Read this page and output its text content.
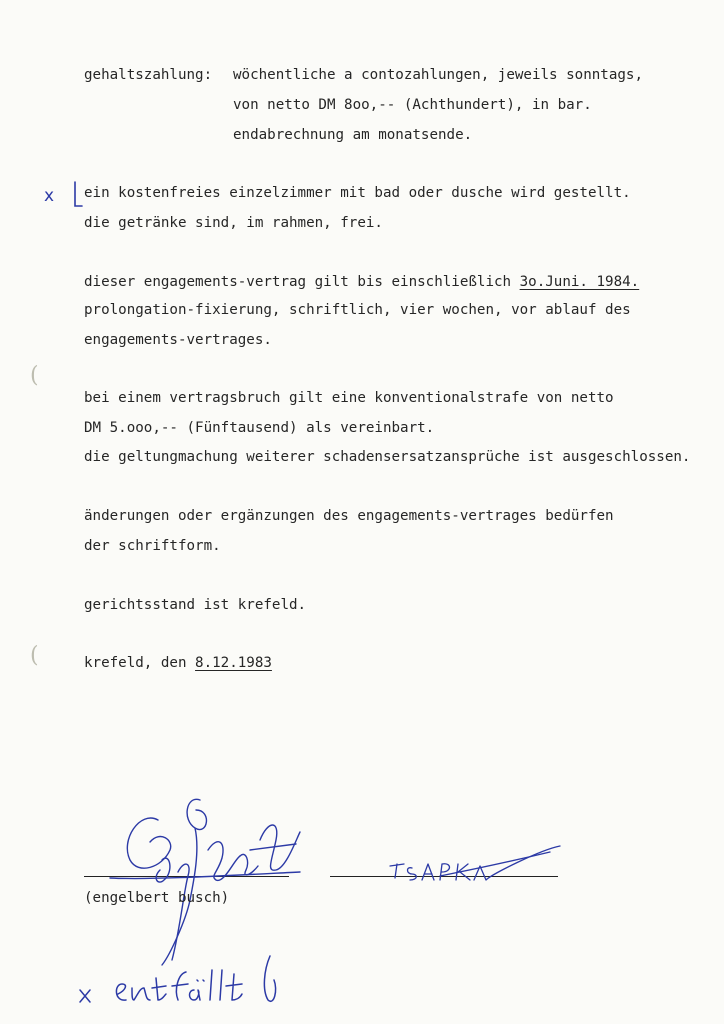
gehaltszahlung: wöchentliche a contozahlungen, jeweils sonntags,
von netto DM 8oo,-- (Achthundert), in bar.
endabrechnung am monatsende.
x ein kostenfreies einzelzimmer mit bad oder dusche wird gestellt.
die getränke sind, im rahmen, frei.
dieser engagements-vertrag gilt bis einschließlich 3o.Juni. 1984.
prolongation-fixierung, schriftlich, vier wochen, vor ablauf des
engagements-vertrages.
(
bei einem vertragsbruch gilt eine konventionalstrafe von netto
DM 5.ooo,-- (Fünftausend) als vereinbart.
die geltungmachung weiterer schadensersatzansprüche ist ausgeschlossen.
änderungen oder ergänzungen des engagements-vertrages bedürfen
der schriftform.
gerichtsstand ist krefeld.
(	krefeld, den 8.12.1983
(engelbert busch)
